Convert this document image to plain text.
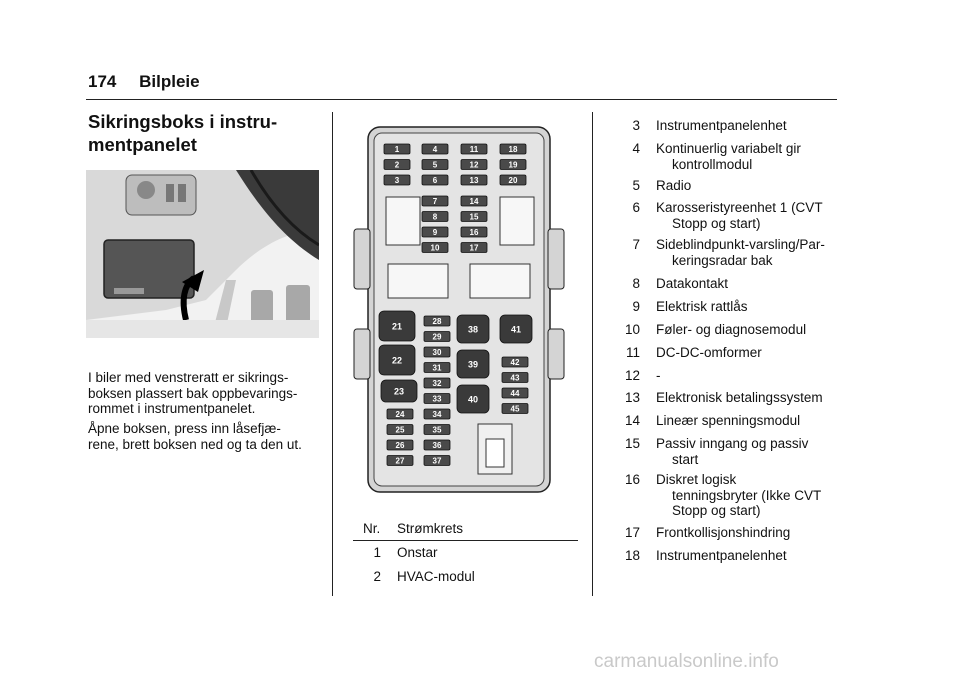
174 Bilpleie
Sikringsboks i instru-
mentpanelet
I biler med venstreratt er sikrings-
boksen plassert bak oppbevarings-
rommet i instrumentpanelet.
Åpne boksen, press inn låsefjæ-
rene, brett boksen ned og ta den ut.
1
2
3
4
5
6
7
8
9
10
11
12
13
14
15
16
17
18
19
20
21
22
23
24
25
26
27
28
29
30
31
32
33
34
35
36
37
38
39
40
41
42
43
44
45
Nr. Strømkrets
1 Onstar
2 HVAC-modul
3 Instrumentpanelenhet
4 Kontinuerlig variabelt gir
kontrollmodul
5 Radio
6 Karosseristyreenhet 1 (CVT
Stopp og start)
7 Sideblindpunkt-varsling/Par-
keringsradar bak
8 Datakontakt
9 Elektrisk rattlås
10 Føler- og diagnosemodul
11 DC-DC-omformer
12 -
13 Elektronisk betalingssystem
14 Lineær spenningsmodul
15 Passiv inngang og passiv
start
16 Diskret logisk
tenningsbryter (Ikke CVT
Stopp og start)
17 Frontkollisjonshindring
18 Instrumentpanelenhet
carmanualsonline.info
